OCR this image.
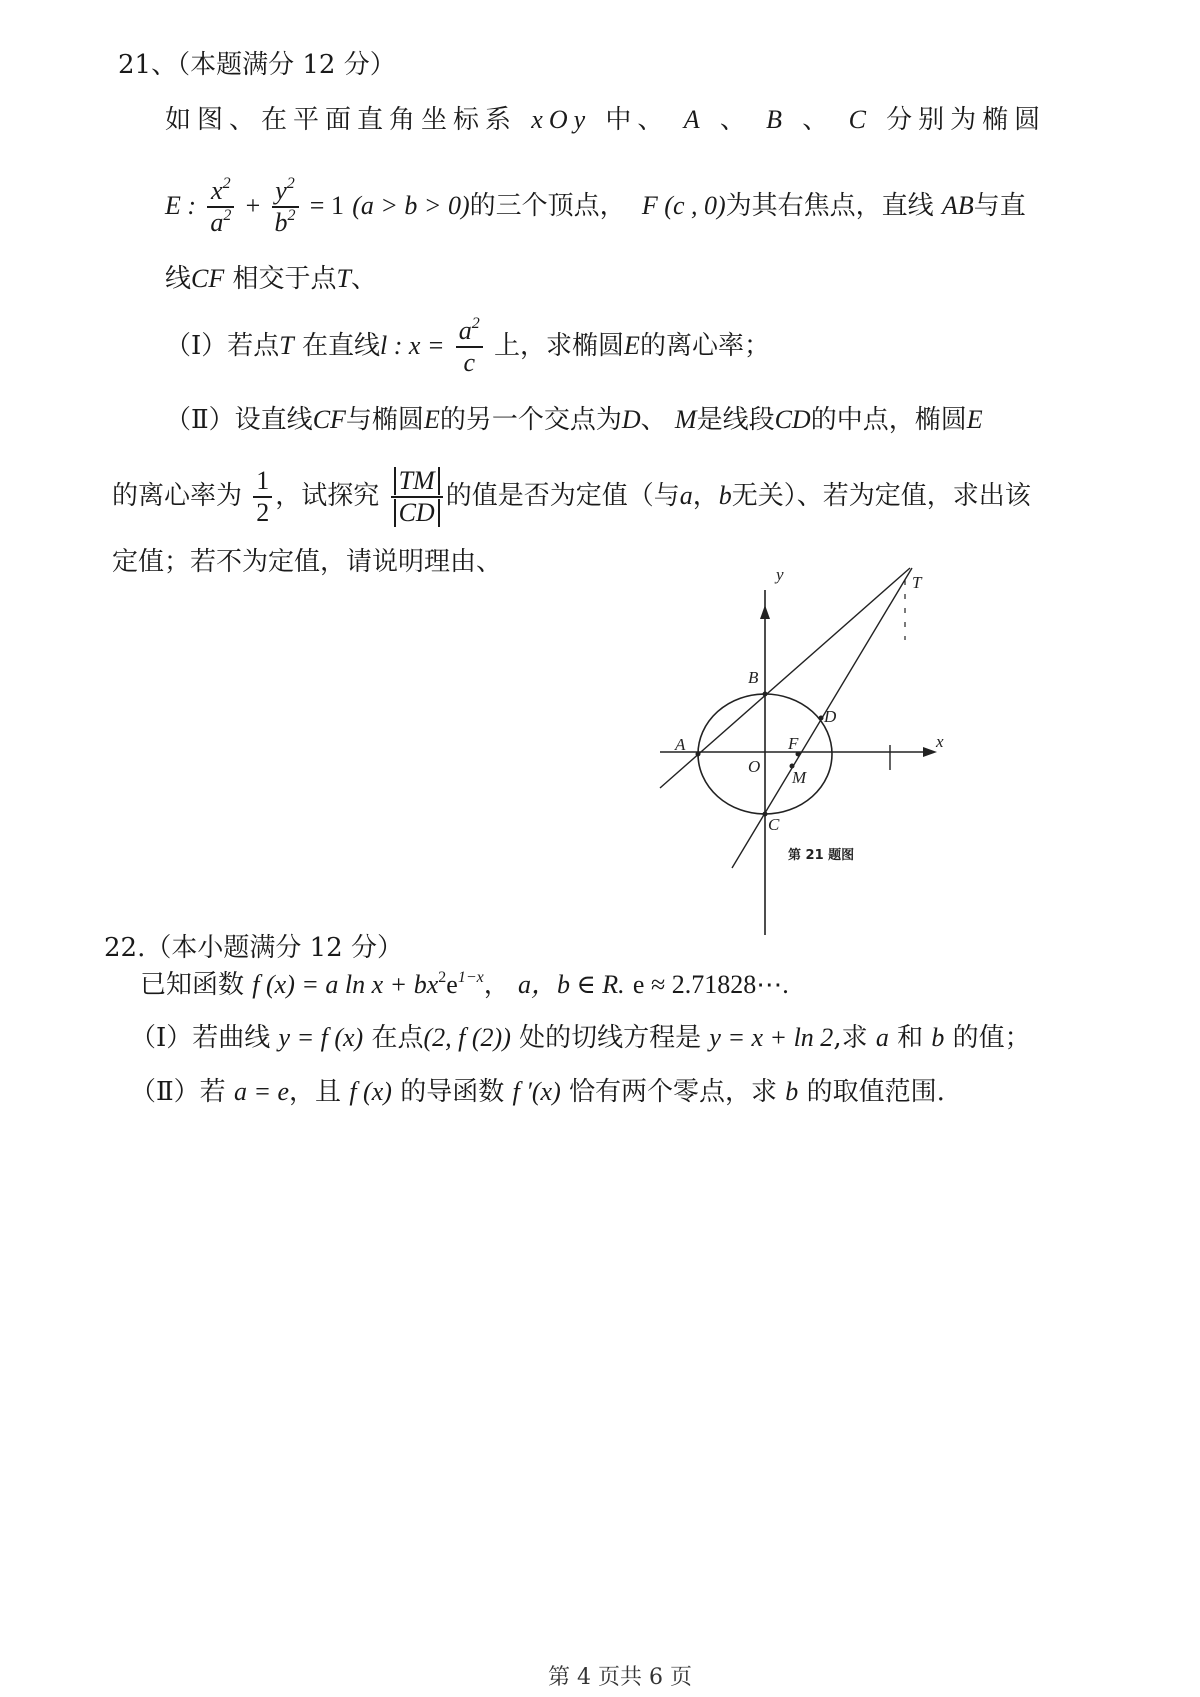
21、（本题满分 12 分）
如图、在平面直角坐标系 xOy 中、 A 、 B 、 C 分别为椭圆
E : $\frac{x^2}{a^2} + \frac{y^2}{b^2} = 1$ (a > b > 0)的三个顶点， F (c , 0)为其右焦点，直线 AB与直
线CF 相交于点T、
（Ⅰ）若点T 在直线l : $x = \frac{a^2}{c}$ 上，求椭圆E的离心率；
（Ⅱ）设直线CF与椭圆E的另一个交点为D、 M是线段CD的中点，椭圆E
的离心率为 $\frac{1}{2}$ ，试探究 $\frac{TM}{CD}$ 的值是否为定值（与a，b无关）、若为定值，求出该
定值；若不为定值，请说明理由、	y
x
T
B
D
A	F
O
M
C
第 21 题图
22.（本小题满分 12 分）
已知函数 f (x) = a $\ln x + bx^2e^{1-x}$， a，b ∈ R. e ≈ 2.71828⋯.
（Ⅰ）若曲线 y = f (x) 在点(2, f (2)) 处的切线方程是 y = x + ln 2,求 a 和 b 的值；
（Ⅱ）若 a = e，且 f (x) 的导函数 f ′(x) 恰有两个零点，求 b 的取值范围.
第 4 页共 6 页
